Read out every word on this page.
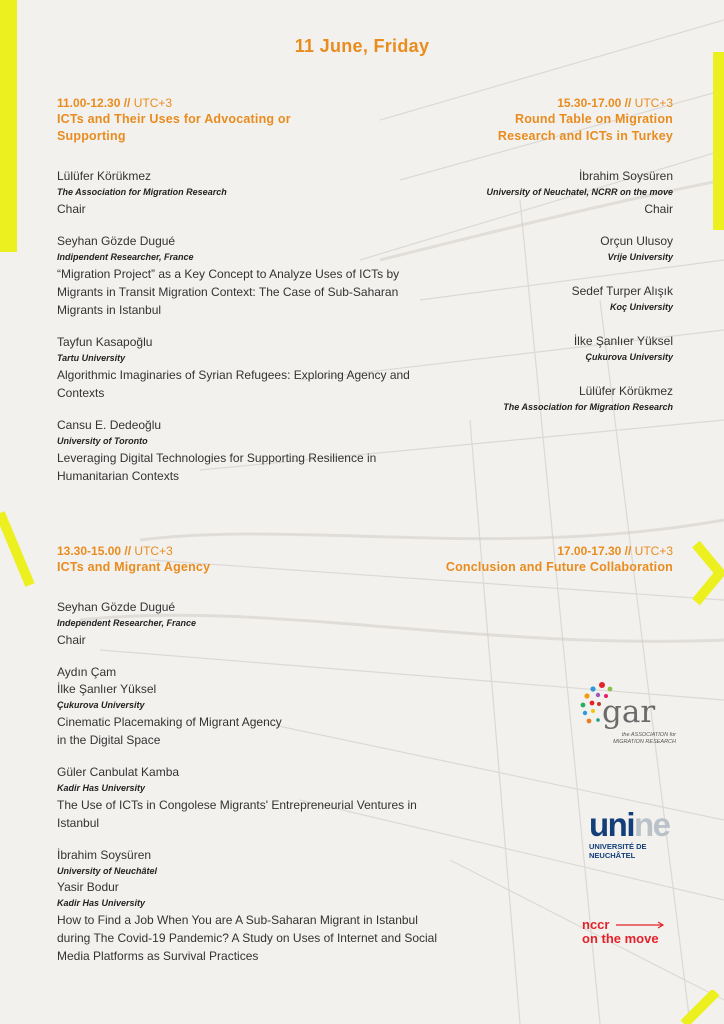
11 June, Friday
11.00-12.30 // UTC+3
ICTs and Their Uses for Advocating or
Supporting
Lülüfer Körükmez
The Association for Migration Research
Chair
Seyhan Gözde Dugué
Indipendent Researcher, France
“Migration Project” as a Key Concept to Analyze Uses of ICTs by
Migrants in Transit Migration Context: The Case of Sub-Saharan
Migrants in Istanbul
Tayfun Kasapoğlu
Tartu University
Algorithmic Imaginaries of Syrian Refugees: Exploring Agency and
Contexts
Cansu E. Dedeoğlu
University of Toronto
Leveraging Digital Technologies for Supporting Resilience in
Humanitarian Contexts
15.30-17.00 // UTC+3
Round Table on Migration
Research and ICTs in Turkey
İbrahim Soysüren
University of Neuchatel, NCRR on the move
Chair
Orçun Ulusoy
Vrije University
Sedef Turper Alışık
Koç University
İlke Şanlıer Yüksel
Çukurova University
Lülüfer Körükmez
The Association for Migration Research
13.30-15.00 // UTC+3
ICTs and Migrant Agency
Seyhan Gözde Dugué
Independent Researcher, France
Chair
Aydın Çam
İlke Şanlıer Yüksel
Çukurova University
Cinematic Placemaking of Migrant Agency
in the Digital Space
Güler Canbulat Kamba
Kadir Has University
The Use of ICTs in Congolese Migrants' Entrepreneurial Ventures in
Istanbul
İbrahim Soysüren
University of Neuchâtel
Yasir Bodur
Kadir Has University
How to Find a Job When You are A Sub-Saharan Migrant in Istanbul
during The Covid-19 Pandemic? A Study on Uses of Internet and Social
Media Platforms as Survival Practices
17.00-17.30 // UTC+3
Conclusion and Future Collaboration
gar
the ASSOCIATION for
MIGRATION RESEARCH
unine
UNIVERSITÉ DE
NEUCHÂTEL
nccr
on the move
